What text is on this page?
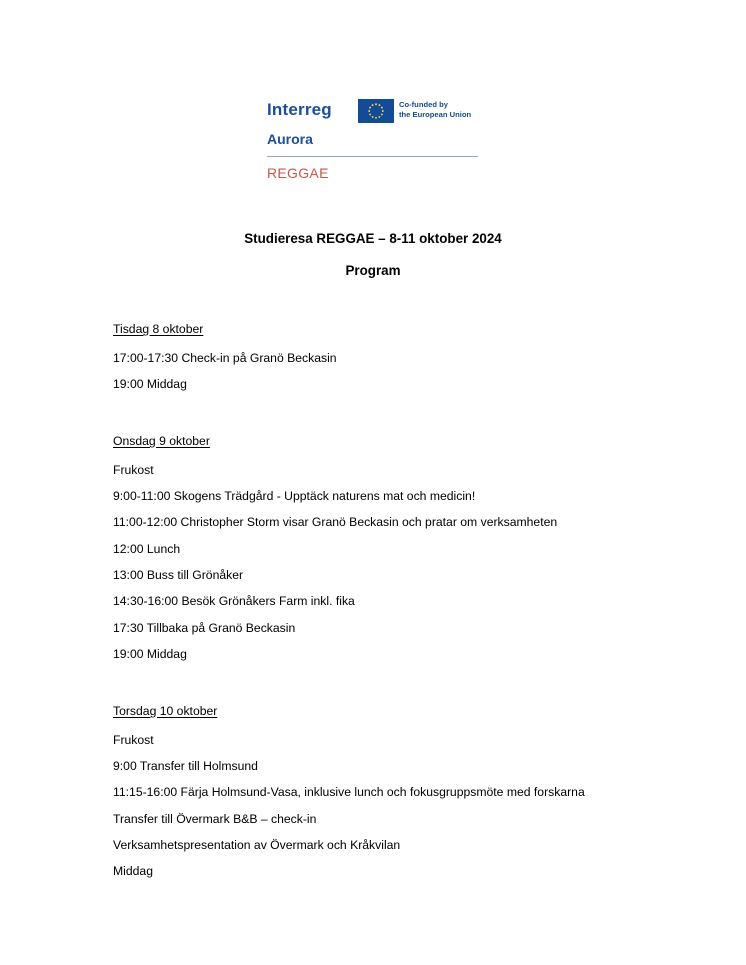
Interreg	Co-funded by
the European Union
Aurora
REGGAE
Studieresa REGGAE – 8-11 oktober 2024
Program
Tisdag 8 oktober
17:00-17:30 Check-in på Granö Beckasin
19:00 Middag
Onsdag 9 oktober
Frukost
9:00-11:00 Skogens Trädgård - Upptäck naturens mat och medicin!
11:00-12:00 Christopher Storm visar Granö Beckasin och pratar om verksamheten
12:00 Lunch
13:00 Buss till Grönåker
14:30-16:00 Besök Grönåkers Farm inkl. fika
17:30 Tillbaka på Granö Beckasin
19:00 Middag
Torsdag 10 oktober
Frukost
9:00 Transfer till Holmsund
11:15-16:00 Färja Holmsund-Vasa, inklusive lunch och fokusgruppsmöte med forskarna
Transfer till Övermark B&B – check-in
Verksamhetspresentation av Övermark och Kråkvilan
Middag
